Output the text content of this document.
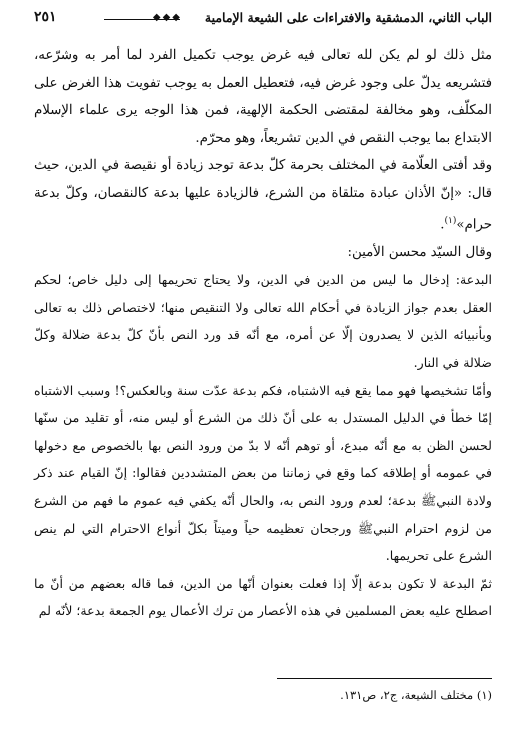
الباب الثاني، الدمشقية والافتراءات على الشيعة الإمامية
◆◆◆
٢٥١

مثل ذلك لو لم يكن لله تعالى فيه غرض يوجب تكميل الفرد لما أمر به وشرّعه، فتشريعه يدلّ على وجود غرض فيه، فتعطيل العمل به يوجب تفويت هذا الغرض على المكلّف، وهو مخالفة لمقتضى الحكمة الإلهية، فمن هذا الوجه يرى علماء الإسلام الابتداع بما يوجب النقص في الدين تشريعاً، وهو محرّم.

وقد أفتى العلّامة في المختلف بحرمة كلّ بدعة توجد زيادة أو نقيصة في الدين، حيث قال: «إنّ الأذان عبادة متلقاة من الشرع، فالزيادة عليها بدعة كالنقصان، وكلّ بدعة حرام»$^{(١)}$.

وقال السيّد محسن الأمين:

البدعة: إدخال ما ليس من الدين في الدين، ولا يحتاج تحريمها إلى دليل خاص؛ لحكم العقل بعدم جواز الزيادة في أحكام الله تعالى ولا التنقيص منها؛ لاختصاص ذلك به تعالى وبأنبيائه الذين لا يصدرون إلّا عن أمره، مع أنّه قد ورد النص بأنّ كلّ بدعة ضلالة وكلّ ضلالة في النار.

وأمّا تشخيصها فهو مما يقع فيه الاشتباه، فكم بدعة عدّت سنة وبالعكس؟! وسبب الاشتباه إمّا خطأ في الدليل المستدل به على أنّ ذلك من الشرع أو ليس منه، أو تقليد من سنّها لحسن الظن به مع أنّه مبدع، أو توهم أنّه لا بدّ من ورود النص بها بالخصوص مع دخولها في عمومه أو إطلاقه كما وقع في زماننا من بعض المتشددين فقالوا: إنّ القيام عند ذكر ولادة النبيﷺ بدعة؛ لعدم ورود النص به، والحال أنّه يكفي فيه عموم ما فهم من الشرع من لزوم احترام النبيﷺ ورجحان تعظيمه حياً وميتاً بكلّ أنواع الاحترام التي لم ينص الشرع على تحريمها.

ثمّ البدعة لا تكون بدعة إلّا إذا فعلت بعنوان أنّها من الدين، فما قاله بعضهم من أنّ ما اصطلح عليه بعض المسلمين في هذه الأعصار من ترك الأعمال يوم الجمعة بدعة؛ لأنّه لم

(١) مختلف الشيعة، ج٢، ص١٣١.
